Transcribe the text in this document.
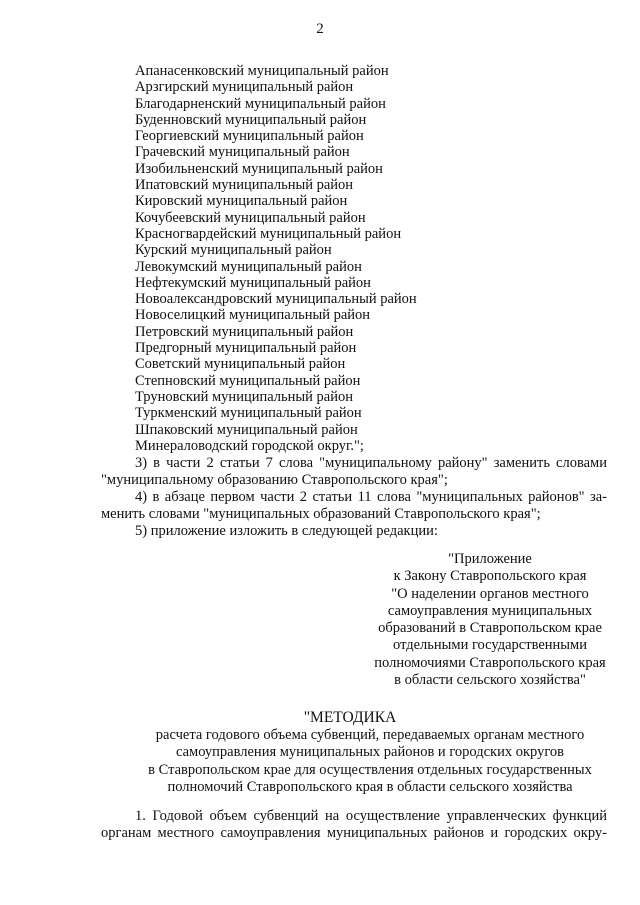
2
Апанасенковский муниципальный район
Арзгирский муниципальный район
Благодарненский муниципальный район
Буденновский муниципальный район
Георгиевский муниципальный район
Грачевский муниципальный район
Изобильненский муниципальный район
Ипатовский муниципальный район
Кировский муниципальный район
Кочубеевский муниципальный район
Красногвардейский муниципальный район
Курский муниципальный район
Левокумский муниципальный район
Нефтекумский муниципальный район
Новоалександровский муниципальный район
Новоселицкий муниципальный район
Петровский муниципальный район
Предгорный муниципальный район
Советский муниципальный район
Степновский муниципальный район
Труновский муниципальный район
Туркменский муниципальный район
Шпаковский муниципальный район
Минераловодский городской округ.";
3) в части 2 статьи 7 слова "муниципальному району" заменить словами
"муниципальному образованию Ставропольского края";
4) в абзаце первом части 2 статьи 11 слова "муниципальных районов" за-
менить словами "муниципальных образований Ставропольского края";
5) приложение изложить в следующей редакции:
"Приложение
к Закону Ставропольского края
"О наделении органов местного
самоуправления муниципальных
образований в Ставропольском крае
отдельными государственными
полномочиями Ставропольского края
в области сельского хозяйства"
"МЕТОДИКА
расчета годового объема субвенций, передаваемых органам местного
самоуправления муниципальных районов и городских округов
в Ставропольском крае для осуществления отдельных государственных
полномочий Ставропольского края в области сельского хозяйства
1. Годовой объем субвенций на осуществление управленческих функций
органам местного самоуправления муниципальных районов и городских окру-
